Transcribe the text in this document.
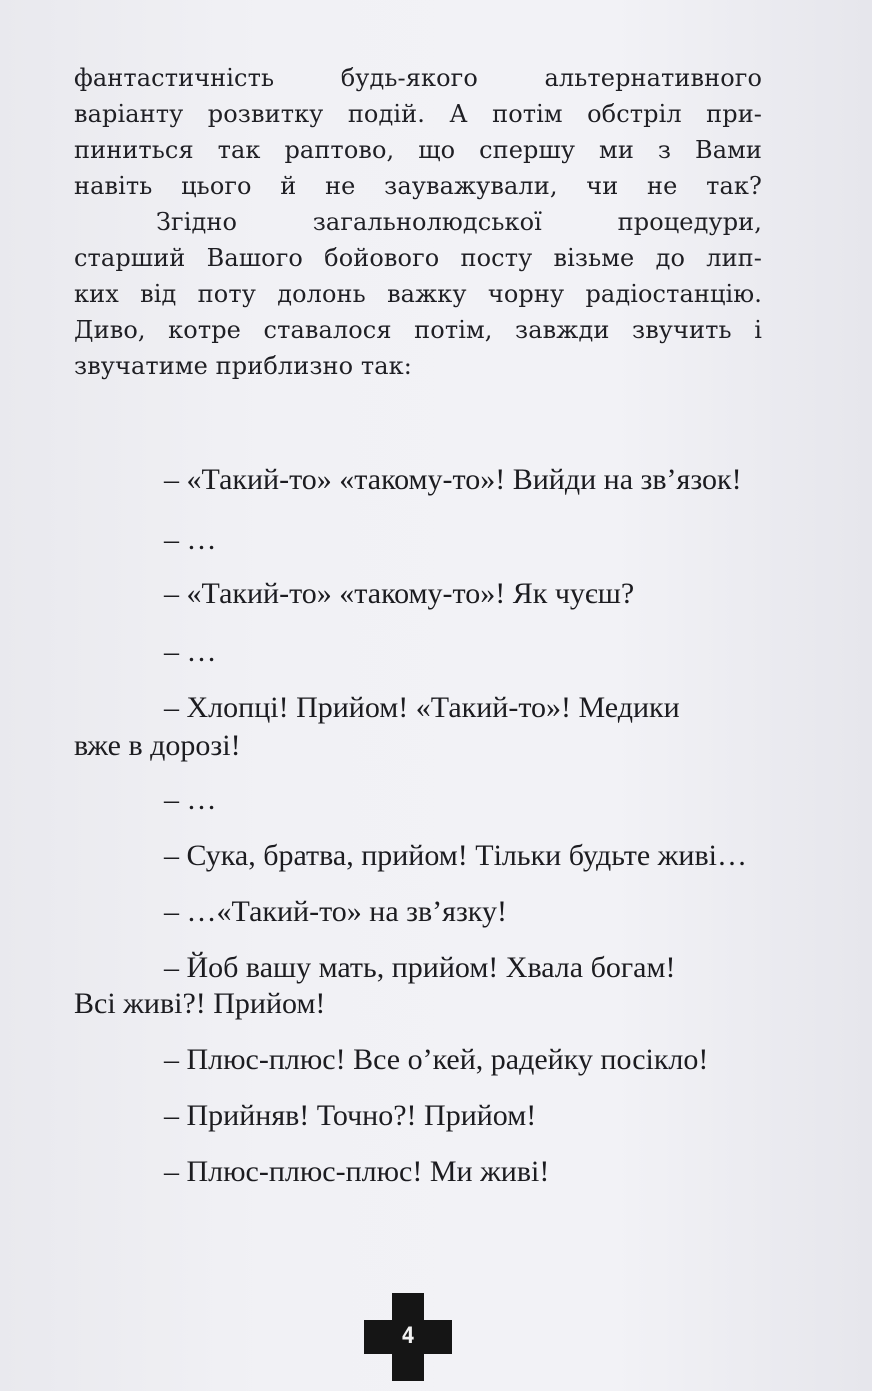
фантастичність будь-якого альтернативного
варіанту розвитку подій. А потім обстріл при-
пиниться так раптово, що спершу ми з Вами
навіть цього й не зауважували, чи не так?
Згідно загальнолюдської процедури,
старший Вашого бойового посту візьме до лип-
ких від поту долонь важку чорну радіостанцію.
Диво, котре ставалося потім, завжди звучить і
звучатиме приблизно так:
– «Такий-то» «такому-то»! Вийди на зв’язок!
– …
– «Такий-то» «такому-то»! Як чуєш?
– …
– Хлопці! Прийом! «Такий-то»! Медики
вже в дорозі!
– …
– Сука, братва, прийом! Тільки будьте живі…
– …«Такий-то» на зв’язку!
– Йоб вашу мать, прийом! Хвала богам!
Всі живі?! Прийом!
– Плюс-плюс! Все о’кей, радейку посікло!
– Прийняв! Точно?! Прийом!
– Плюс-плюс-плюс! Ми живі!
4
